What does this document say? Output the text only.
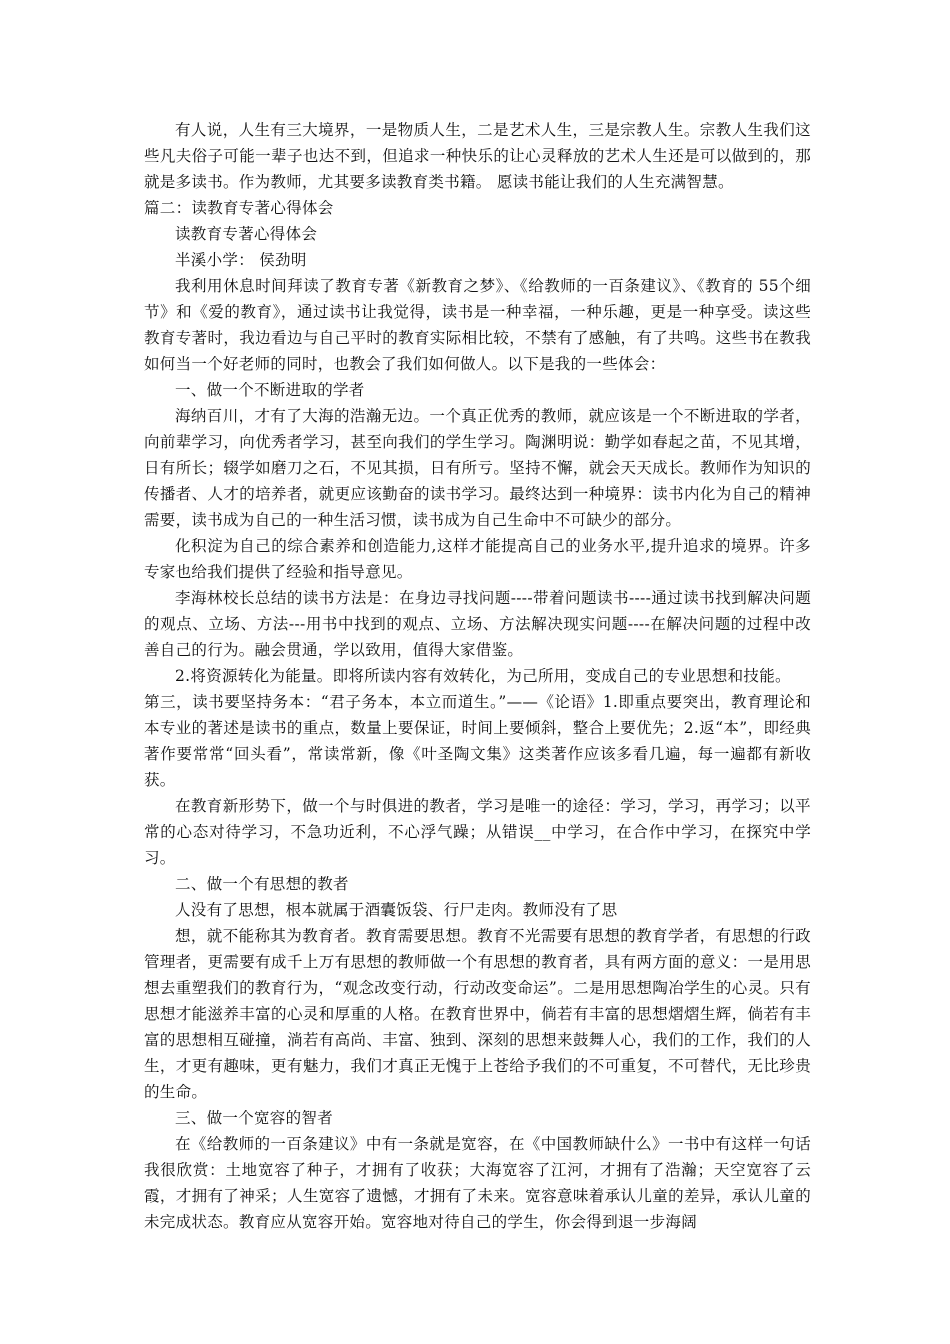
有人说，人生有三大境界，一是物质人生，二是艺术人生，三是宗教人生。宗教人生我们这些凡夫俗子可能一辈子也达不到，但追求一种快乐的让心灵释放的艺术人生还是可以做到的，那就是多读书。作为教师，尤其要多读教育类书籍。 愿读书能让我们的人生充满智慧。

篇二：读教育专著心得体会

读教育专著心得体会

半溪小学： 侯劲明

我利用休息时间拜读了教育专著《新教育之梦》、《给教师的一百条建议》、《教育的 55个细节》和《爱的教育》，通过读书让我觉得，读书是一种幸福，一种乐趣，更是一种享受。读这些教育专著时，我边看边与自己平时的教育实际相比较，不禁有了感触，有了共鸣。这些书在教我如何当一个好老师的同时，也教会了我们如何做人。以下是我的一些体会：

一、做一个不断进取的学者

海纳百川，才有了大海的浩瀚无边。一个真正优秀的教师，就应该是一个不断进取的学者，向前辈学习，向优秀者学习，甚至向我们的学生学习。陶渊明说：勤学如春起之苗，不见其增，日有所长；辍学如磨刀之石，不见其损，日有所亏。坚持不懈，就会天天成长。教师作为知识的传播者、人才的培养者，就更应该勤奋的读书学习。最终达到一种境界：读书内化为自己的精神需要，读书成为自己的一种生活习惯，读书成为自己生命中不可缺少的部分。

化积淀为自己的综合素养和创造能力,这样才能提高自己的业务水平,提升追求的境界。许多专家也给我们提供了经验和指导意见。

李海林校长总结的读书方法是：在身边寻找问题----带着问题读书----通过读书找到解决问题的观点、立场、方法---用书中找到的观点、立场、方法解决现实问题----在解决问题的过程中改善自己的行为。融会贯通，学以致用，值得大家借鉴。

2.将资源转化为能量。即将所读内容有效转化，为己所用，变成自己的专业思想和技能。

第三，读书要坚持务本：“君子务本，本立而道生。”——《论语》1.即重点要突出，教育理论和本专业的著述是读书的重点，数量上要保证，时间上要倾斜，整合上要优先；2.返“本”，即经典著作要常常“回头看”，常读常新，像《叶圣陶文集》这类著作应该多看几遍，每一遍都有新收获。

在教育新形势下，做一个与时俱进的教者，学习是唯一的途径：学习，学习，再学习；以平常的心态对待学习，不急功近利，不心浮气躁；从错误__中学习，在合作中学习，在探究中学习。

二、做一个有思想的教者

人没有了思想，根本就属于酒囊饭袋、行尸走肉。教师没有了思

想，就不能称其为教育者。教育需要思想。教育不光需要有思想的教育学者，有思想的行政管理者，更需要有成千上万有思想的教师做一个有思想的教育者，具有两方面的意义：一是用思想去重塑我们的教育行为，“观念改变行动，行动改变命运”。二是用思想陶冶学生的心灵。只有思想才能滋养丰富的心灵和厚重的人格。在教育世界中，倘若有丰富的思想熠熠生辉，倘若有丰富的思想相互碰撞，淌若有高尚、丰富、独到、深刻的思想来鼓舞人心，我们的工作，我们的人生，才更有趣味，更有魅力，我们才真正无愧于上苍给予我们的不可重复，不可替代，无比珍贵的生命。

三、做一个宽容的智者

在《给教师的一百条建议》中有一条就是宽容，在《中国教师缺什么》一书中有这样一句话我很欣赏：土地宽容了种子，才拥有了收获；大海宽容了江河，才拥有了浩瀚；天空宽容了云霞，才拥有了神采；人生宽容了遗憾，才拥有了未来。宽容意味着承认儿童的差异，承认儿童的未完成状态。教育应从宽容开始。宽容地对待自己的学生，你会得到退一步海阔
